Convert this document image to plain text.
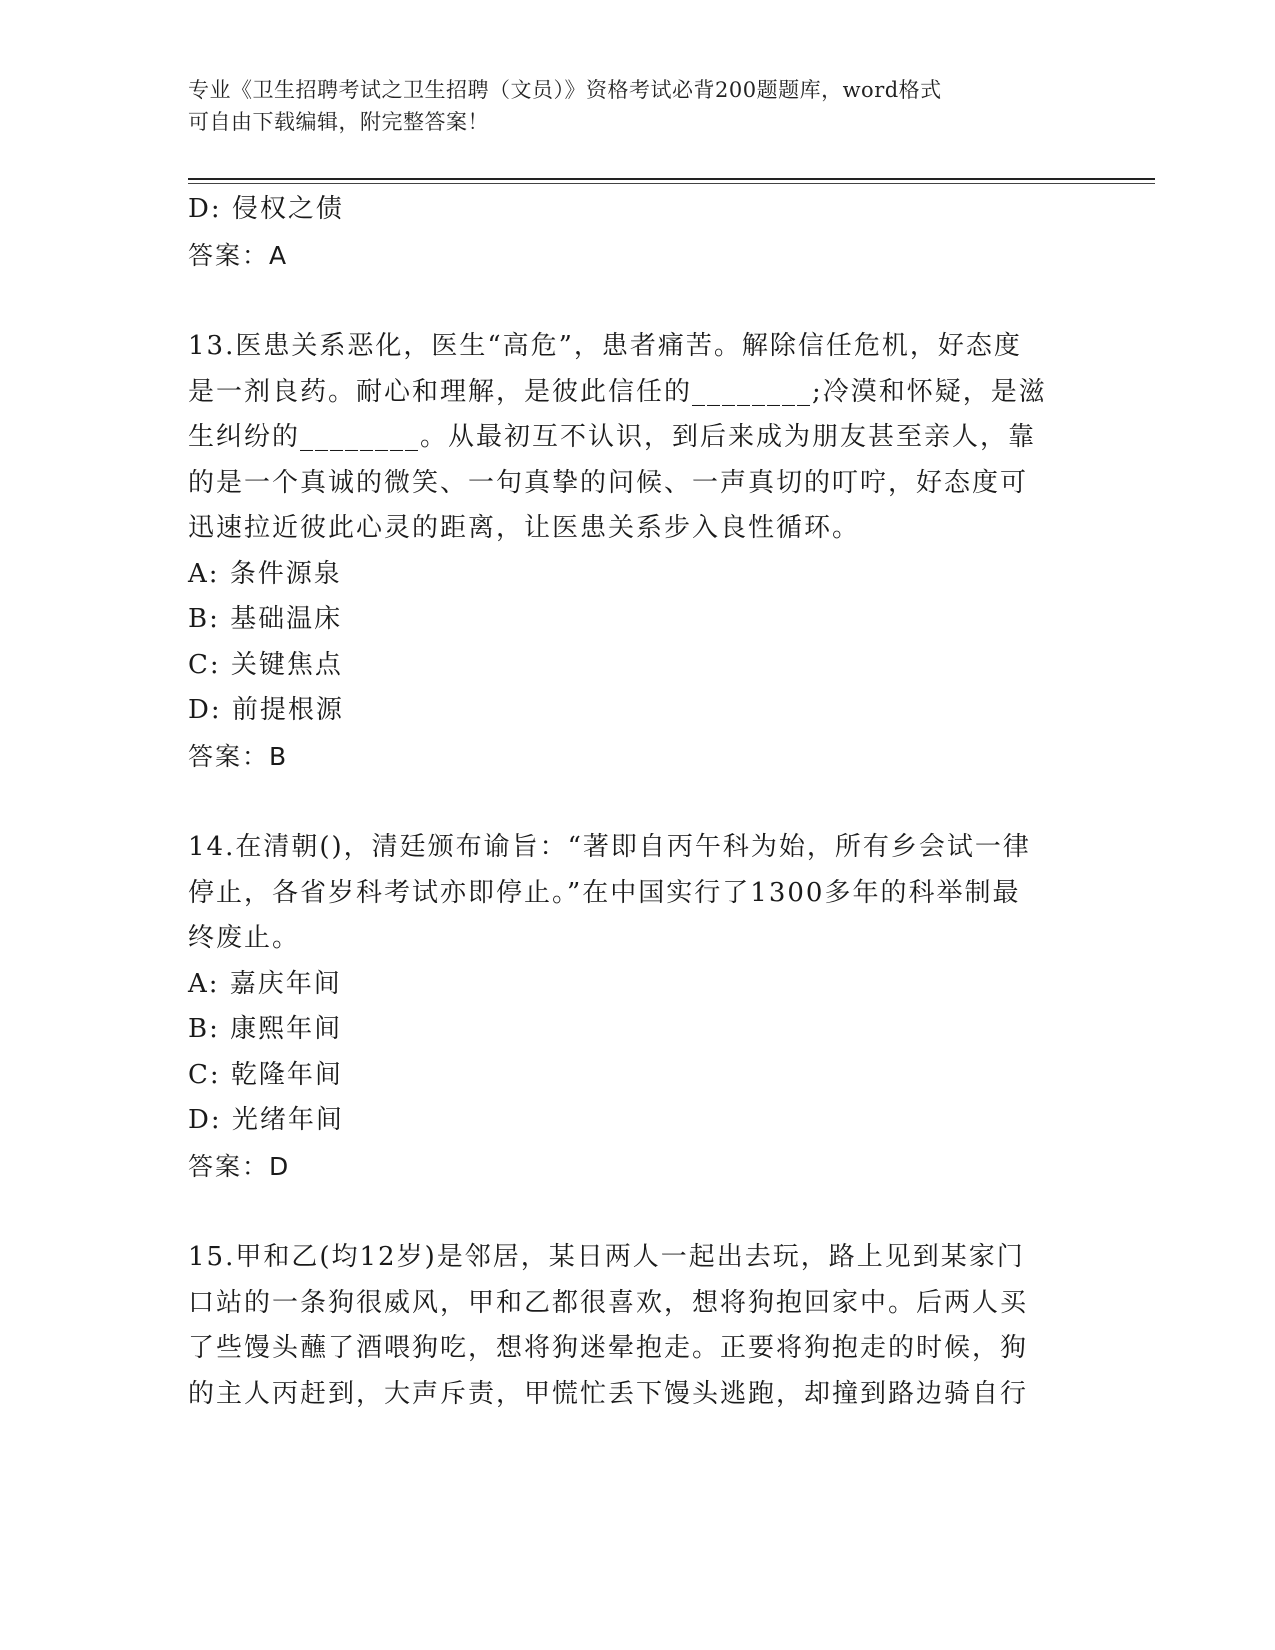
专业《卫生招聘考试之卫生招聘（文员）》资格考试必背200题题库，word格式
可自由下载编辑，附完整答案！
D: 侵权之债
答案：A
13.医患关系恶化，医生“高危”，患者痛苦。解除信任危机，好态度
是一剂良药。耐心和理解，是彼此信任的________;冷漠和怀疑，是滋
生纠纷的________。从最初互不认识，到后来成为朋友甚至亲人，靠
的是一个真诚的微笑、一句真挚的问候、一声真切的叮咛，好态度可
迅速拉近彼此心灵的距离，让医患关系步入良性循环。
A: 条件源泉
B: 基础温床
C: 关键焦点
D: 前提根源
答案：B
14.在清朝()，清廷颁布谕旨：“著即自丙午科为始，所有乡会试一律
停止，各省岁科考试亦即停止。”在中国实行了1300多年的科举制最
终废止。
A: 嘉庆年间
B: 康熙年间
C: 乾隆年间
D: 光绪年间
答案：D
15.甲和乙(均12岁)是邻居，某日两人一起出去玩，路上见到某家门
口站的一条狗很威风，甲和乙都很喜欢，想将狗抱回家中。后两人买
了些馒头蘸了酒喂狗吃，想将狗迷晕抱走。正要将狗抱走的时候，狗
的主人丙赶到，大声斥责，甲慌忙丢下馒头逃跑，却撞到路边骑自行
